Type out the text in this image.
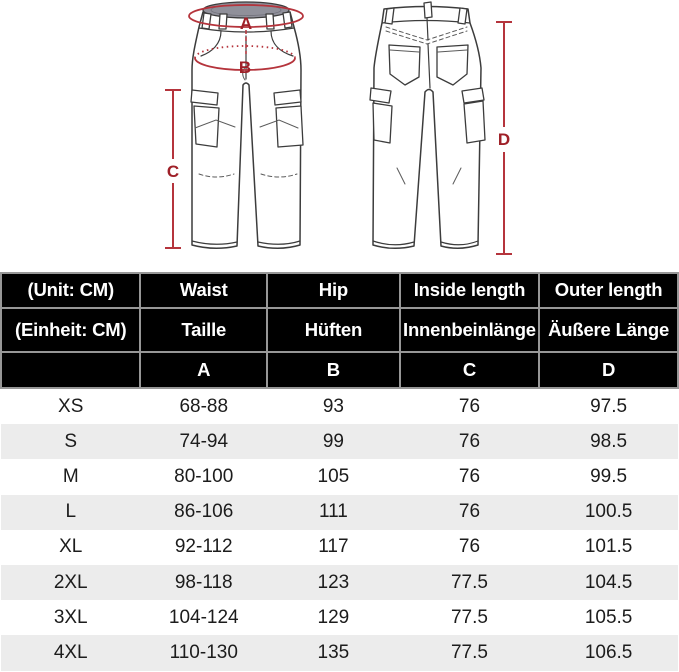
A
B
C
D
(Unit: CM)	Waist	Hip	Inside length	Outer length
(Einheit: CM)	Taille	Hüften	Innenbeinlänge	Äußere Länge
	A	B	C	D
XS	68-88	93	76	97.5
S	74-94	99	76	98.5
M	80-100	105	76	99.5
L	86-106	111	76	100.5
XL	92-112	117	76	101.5
2XL	98-118	123	77.5	104.5
3XL	104-124	129	77.5	105.5
4XL	110-130	135	77.5	106.5
